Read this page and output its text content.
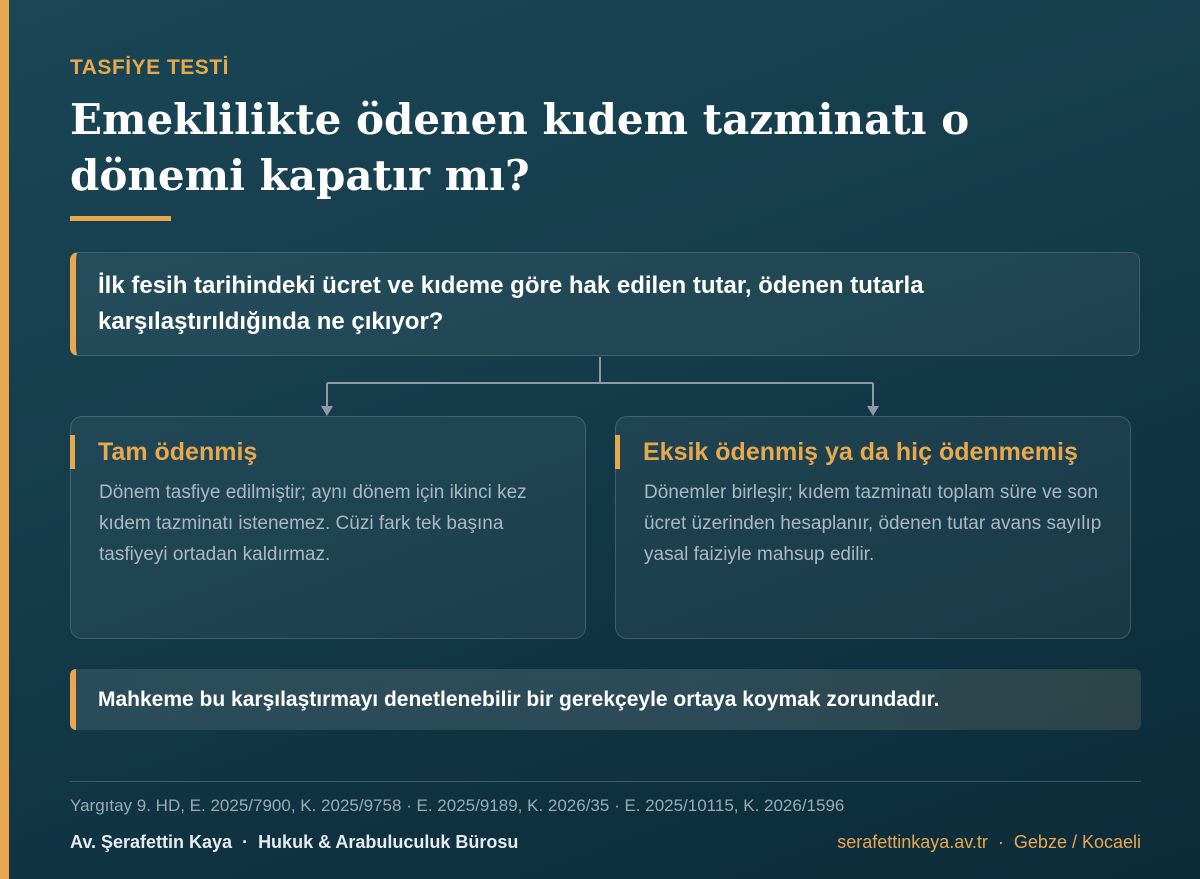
TASFİYE TESTİ
Emeklilikte ödenen kıdem tazminatı o dönemi kapatır mı?
İlk fesih tarihindeki ücret ve kıdeme göre hak edilen tutar, ödenen tutarla karşılaştırıldığında ne çıkıyor?
Tam ödenmiş
Dönem tasfiye edilmiştir; aynı dönem için ikinci kez kıdem tazminatı istenemez. Cüzi fark tek başına tasfiyeyi ortadan kaldırmaz.
Eksik ödenmiş ya da hiç ödenmemiş
Dönemler birleşir; kıdem tazminatı toplam süre ve son ücret üzerinden hesaplanır, ödenen tutar avans sayılıp yasal faiziyle mahsup edilir.
Mahkeme bu karşılaştırmayı denetlenebilir bir gerekçeyle ortaya koymak zorundadır.
Yargıtay 9. HD, E. 2025/7900, K. 2025/9758 · E. 2025/9189, K. 2026/35 · E. 2025/10115, K. 2026/1596
Av. Şerafettin Kaya · Hukuk & Arabuluculuk Bürosu	serafettinkaya.av.tr · Gebze / Kocaeli
